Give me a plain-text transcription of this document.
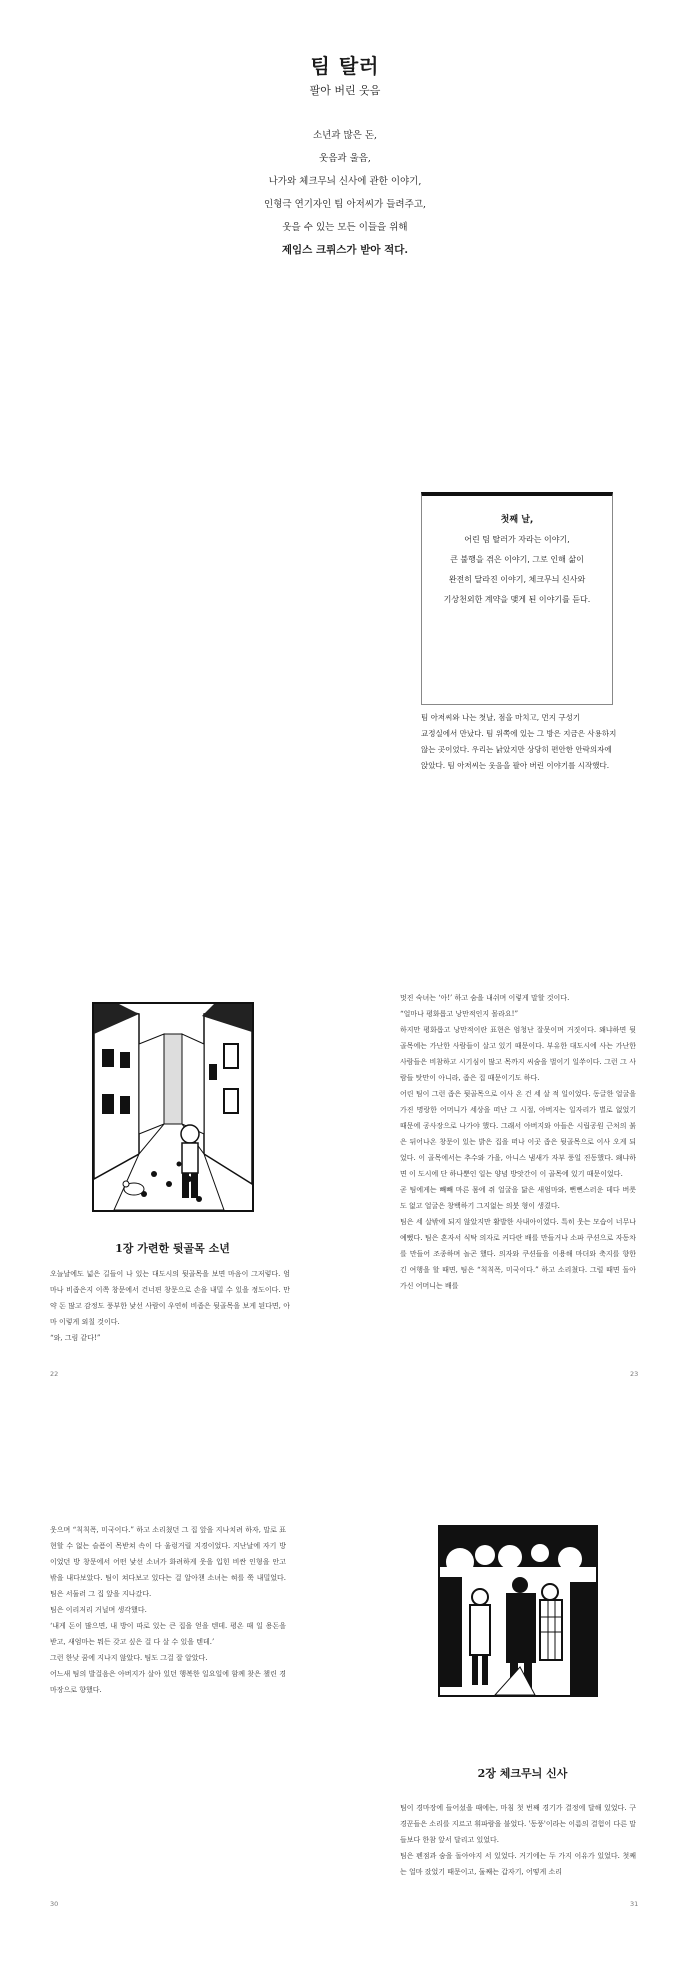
팀 탈러
팔아 버린 웃음
소년과 많은 돈,
웃음과 울음,
나가와 체크무늬 신사에 관한 이야기,
인형극 연기자인 팀 아저씨가 들려주고,
웃을 수 있는 모든 이들을 위해
제임스 크뤼스가 받아 적다.
첫째 날,
어린 팀 탈러가 자라는 이야기,
큰 불행을 겪은 이야기, 그로 인해 삶이
완전히 달라진 이야기, 체크무늬 신사와
기상천외한 계약을 맺게 된 이야기를 듣다.
팀 아저씨와 나는 첫날, 점을 마치고, 먼지 구성기
교정실에서 만났다. 팀 위쪽에 있는 그 방은 지금은 사용하지
않는 곳이었다. 우리는 낡았지만 상당히 편안한 안락의자에
앉았다. 팀 아저씨는 웃음을 팔아 버린 이야기를 시작했다.
1장 가련한 뒷골목 소년

오늘날에도 넓은 길들이 나 있는 대도시의 뒷골목을 보면 마음이 그저렇다. 엄마나 비좁은지 이쪽 창문에서 건너편 창문으로 손을 내밀 수 있을 정도이다. 만약 돈 많고 감정도 풍부한 낯선 사람이 우연히 비좁은 뒷골목을 보게 된다면, 아마 이렇게 외칠 것이다.

“와, 그림 같다!”

22

멋진 숙녀는 ‘아!’ 하고 숨을 내쉬며 이렇게 말할 것이다.

“얼마나 평화롭고 낭만적인지 몰라요!”

하지만 평화롭고 낭만적이란 표현은 엄청난 잘못이며 거짓이다. 왜냐하면 뒷골목에는 가난한 사람들이 살고 있기 때문이다. 부유한 대도시에 사는 가난한 사람들은 비참하고 시기심이 많고 목까지 씨숨을 벌이기 일쑤이다. 그런 그 사람들 탓만이 아니라, 좁은 집 때문이기도 하다.

어린 팀이 그런 좁은 뒷골목으로 이사 온 건 세 살 적 일이었다. 동글한 얼굴을 가진 명랑한 어머니가 세상을 떠난 그 시절, 아버지는 일자리가 별로 없었기 때문에 공사장으로 나가야 했다. 그래서 아버지와 아들은 시립공원 근처의 붉은 뒤어나온 창문이 있는 밝은 집을 떠나 이곳 좁은 뒷골목으로 이사 오게 되었다. 이 골목에서는 추수와 가을, 아니스 냄새가 자부 풍일 진동했다. 왜냐하면 이 도시에 단 하나뿐인 일는 양념 방앗간이 이 골목에 있기 때문이었다.

곧 팀에게는 빼빼 마른 몸에 쥐 얼굴을 닮은 새엄마와, 뻔뻔스러운 데다 버릇도 없고 얼굴은 창백하기 그지없는 의붓 형이 생겼다.

팀은 세 살밖에 되지 않았지만 활발한 사내아이였다. 특히 웃는 모습이 너무나 예뻤다. 팀은 혼자서 식탁 의자로 커다란 배를 만들거나 소파 쿠션으로 자동차를 만들어 조종하며 놀곤 했다. 의자와 쿠션들을 이용해 마더와 축지를 향한 긴 여행을 할 때면, 팀은 “칙칙폭, 미국이다.” 하고 소리쳤다. 그럴 때면 돌아가신 어머니는 배를

23

웃으며 “칙칙폭, 미국이다.” 하고 소리쳤던 그 집 앞을 지나치려 하자, 말로 표현할 수 없는 슬픔이 목받쳐 속이 다 울렁거릴 지경이었다. 지난날에 자기 방이었던 방 창문에서 어떤 낯선 소녀가 화려하게 웃을 입힌 비싼 인형을 안고 밖을 내다보았다. 팀이 쳐다보고 있다는 걸 알아챈 소녀는 혀를 쭉 내밀었다. 팀은 서둘러 그 집 앞을 지나갔다.

팀은 이리저리 거닐며 생각했다.

‘내게 돈이 많으면, 내 방이 따로 있는 큰 집을 얻을 텐데. 평온 때 일 용돈을 받고, 새엄마는 뭐든 갖고 싶은 걸 다 살 수 있을 텐데.’

그런 한낮 꿈에 지나지 않았다. 팀도 그걸 잘 알았다.

어느새 팀의 발걸음은 아버지가 살아 있던 행복한 일요일에 함께 찾은 챌린 경마장으로 향했다.

30
2장 체크무늬 신사

팀이 경마장에 들어섰을 때에는, 마침 첫 번째 경기가 결정에 달해 있었다. 구경꾼들은 소리를 지르고 휘파람을 불었다. '동풍'이라는 이름의 결험이 다른 말들보다 한참 앞서 달리고 있었다.

팀은 펜점과 숨을 돌아야지 서 있었다. 거기에는 두 가지 이유가 있었다. 첫째는 얼마 잤었기 때문이고, 둘째는 갑자기, 어떻게 소리

31
